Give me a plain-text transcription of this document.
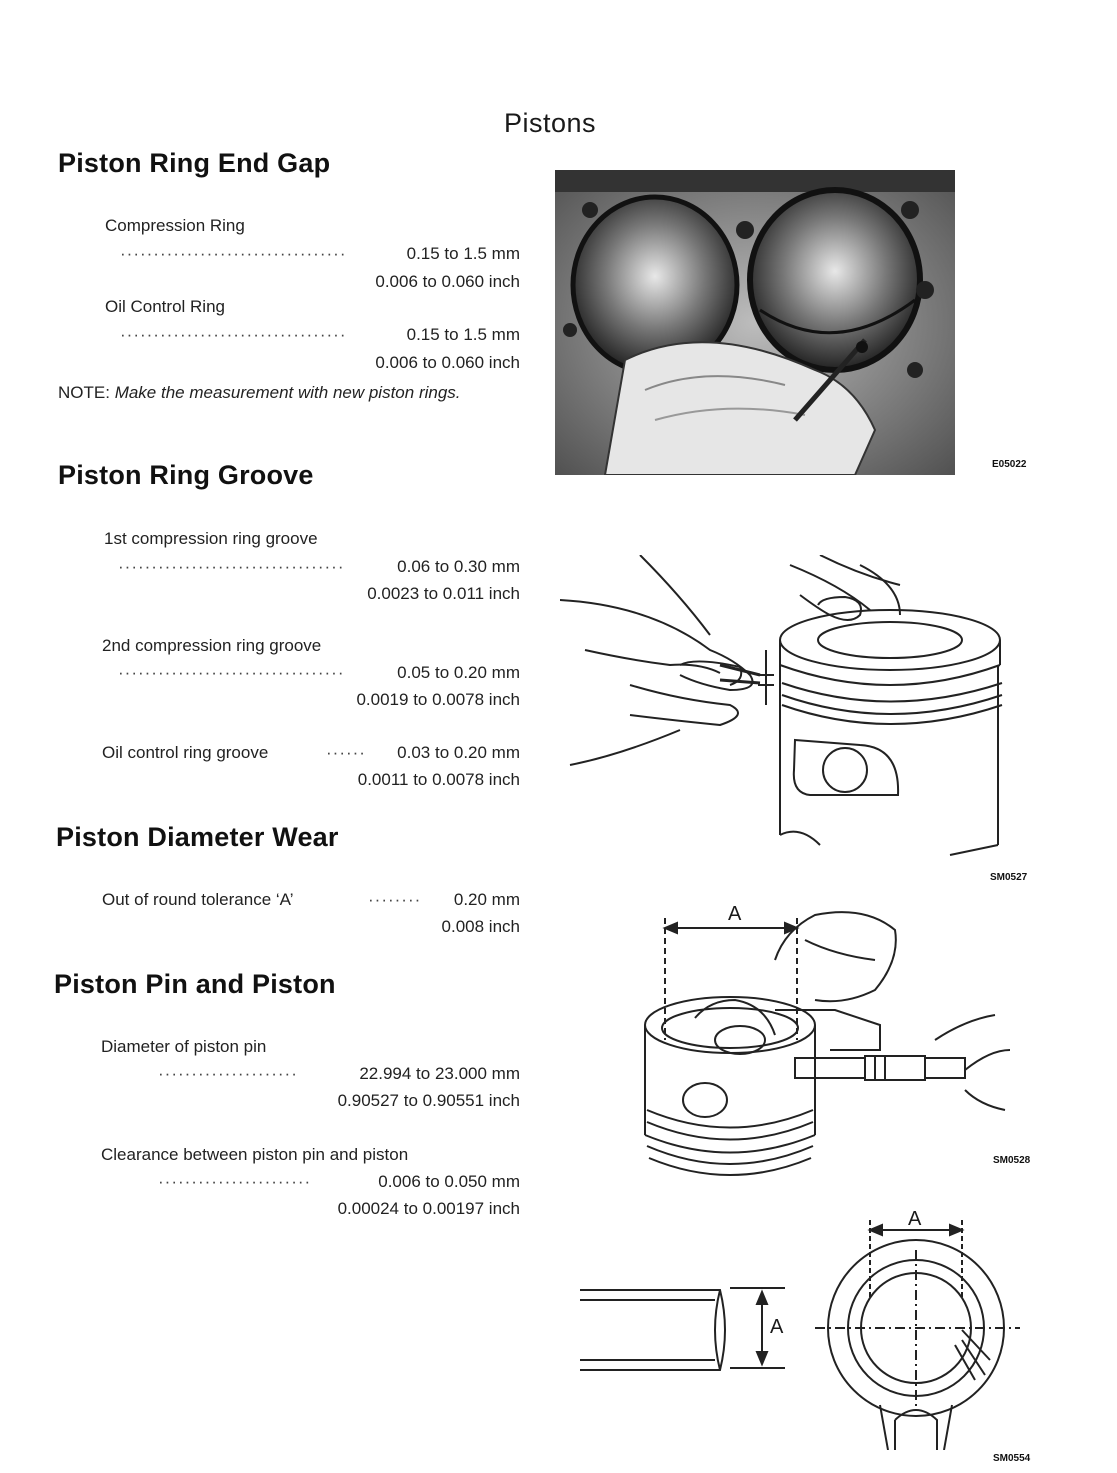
Pistons
Piston Ring End Gap
Compression Ring
··································	0.15 to 1.5 mm
0.006 to 0.060 inch
Oil Control Ring
··································	0.15 to 1.5 mm
0.006 to 0.060 inch
NOTE: Make the measurement with new piston rings.
Piston Ring Groove
1st compression ring groove
··································	0.06 to 0.30 mm
0.0023 to 0.011 inch
2nd compression ring groove
··································	0.05 to 0.20 mm
0.0019 to 0.0078 inch
Oil control ring groove	······	0.03 to 0.20 mm
0.0011 to 0.0078 inch
Piston Diameter Wear
Out of round tolerance ‘A’	········	0.20 mm
0.008 inch
Piston Pin and Piston
Diameter of piston pin
·····················	22.994 to 23.000 mm
0.90527 to 0.90551 inch
Clearance between piston pin and piston
·······················	0.006 to 0.050 mm
0.00024 to 0.00197 inch
E05022
SM0527
A
SM0528
A
A
SM0554
